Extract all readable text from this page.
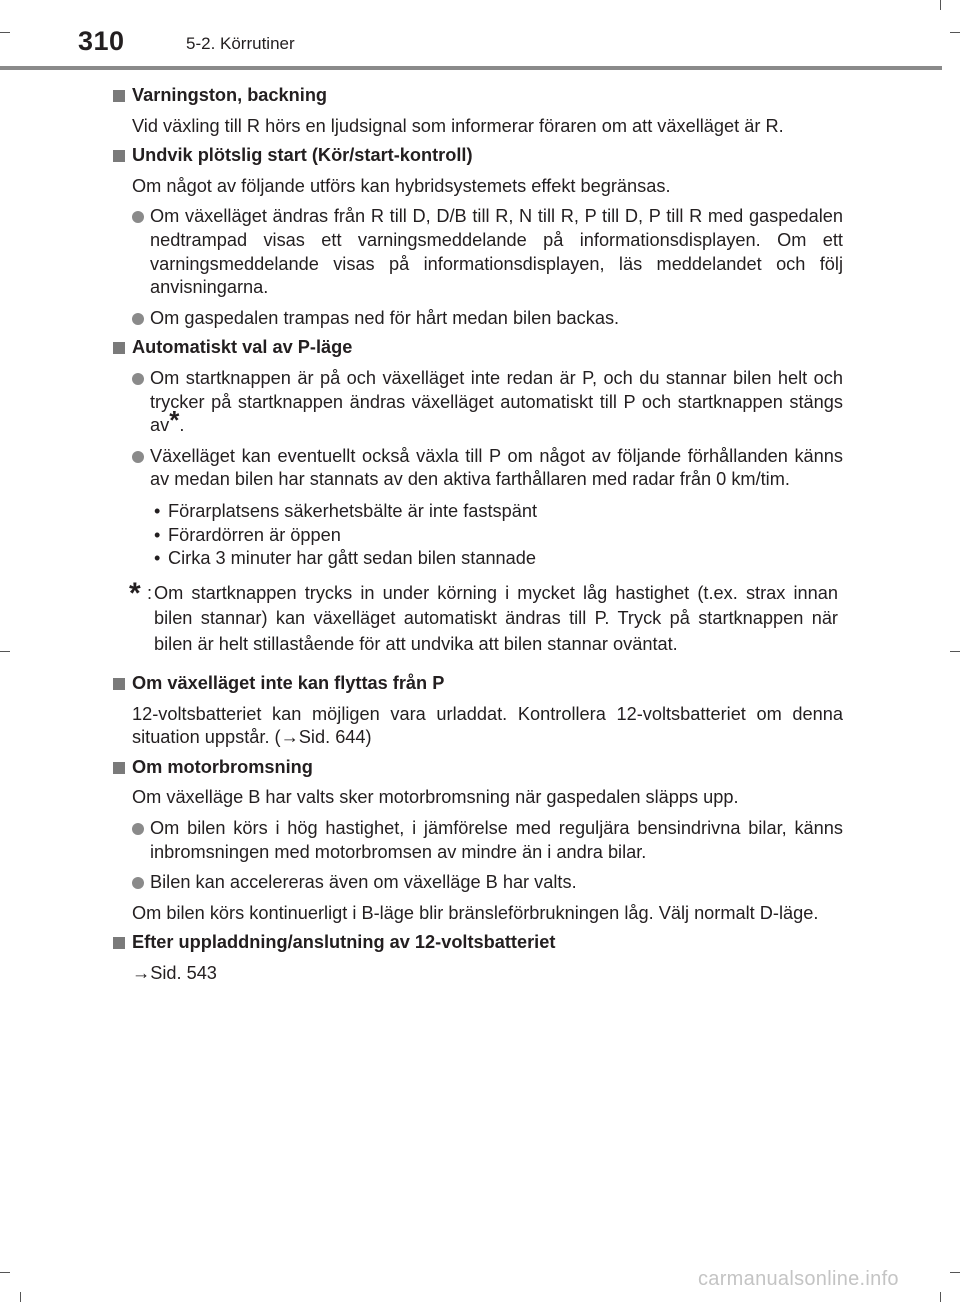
310	5-2. Körrutiner
Varningston, backning
Vid växling till R hörs en ljudsignal som informerar föraren om att växelläget är R.
Undvik plötslig start (Kör/start-kontroll)
Om något av följande utförs kan hybridsystemets effekt begränsas.
Om växelläget ändras från R till D, D/B till R, N till R, P till D, P till R med gaspedalen nedtrampad visas ett varningsmeddelande på informationsdisplayen. Om ett varningsmeddelande visas på informationsdisplayen, läs meddelandet och följ anvisningarna.
Om gaspedalen trampas ned för hårt medan bilen backas.
Automatiskt val av P-läge
Om startknappen är på och växelläget inte redan är P, och du stannar bilen helt och trycker på startknappen ändras växelläget automatiskt till P och startknappen stängs av*.
Växelläget kan eventuellt också växla till P om något av följande förhållanden känns av medan bilen har stannats av den aktiva farthållaren med radar från 0 km/tim.
• Förarplatsens säkerhetsbälte är inte fastspänt
• Förardörren är öppen
• Cirka 3 minuter har gått sedan bilen stannade
* : Om startknappen trycks in under körning i mycket låg hastighet (t.ex. strax innan bilen stannar) kan växelläget automatiskt ändras till P. Tryck på startknappen när bilen är helt stillastående för att undvika att bilen stannar oväntat.
Om växelläget inte kan flyttas från P
12-voltsbatteriet kan möjligen vara urladdat. Kontrollera 12-voltsbatteriet om denna situation uppstår. (→Sid. 644)
Om motorbromsning
Om växelläge B har valts sker motorbromsning när gaspedalen släpps upp.
Om bilen körs i hög hastighet, i jämförelse med reguljära bensindrivna bilar, känns inbromsningen med motorbromsen av mindre än i andra bilar.
Bilen kan accelereras även om växelläge B har valts.
Om bilen körs kontinuerligt i B-läge blir bränsleförbrukningen låg. Välj normalt D-läge.
Efter uppladdning/anslutning av 12-voltsbatteriet
→Sid. 543
carmanualsonline.info
